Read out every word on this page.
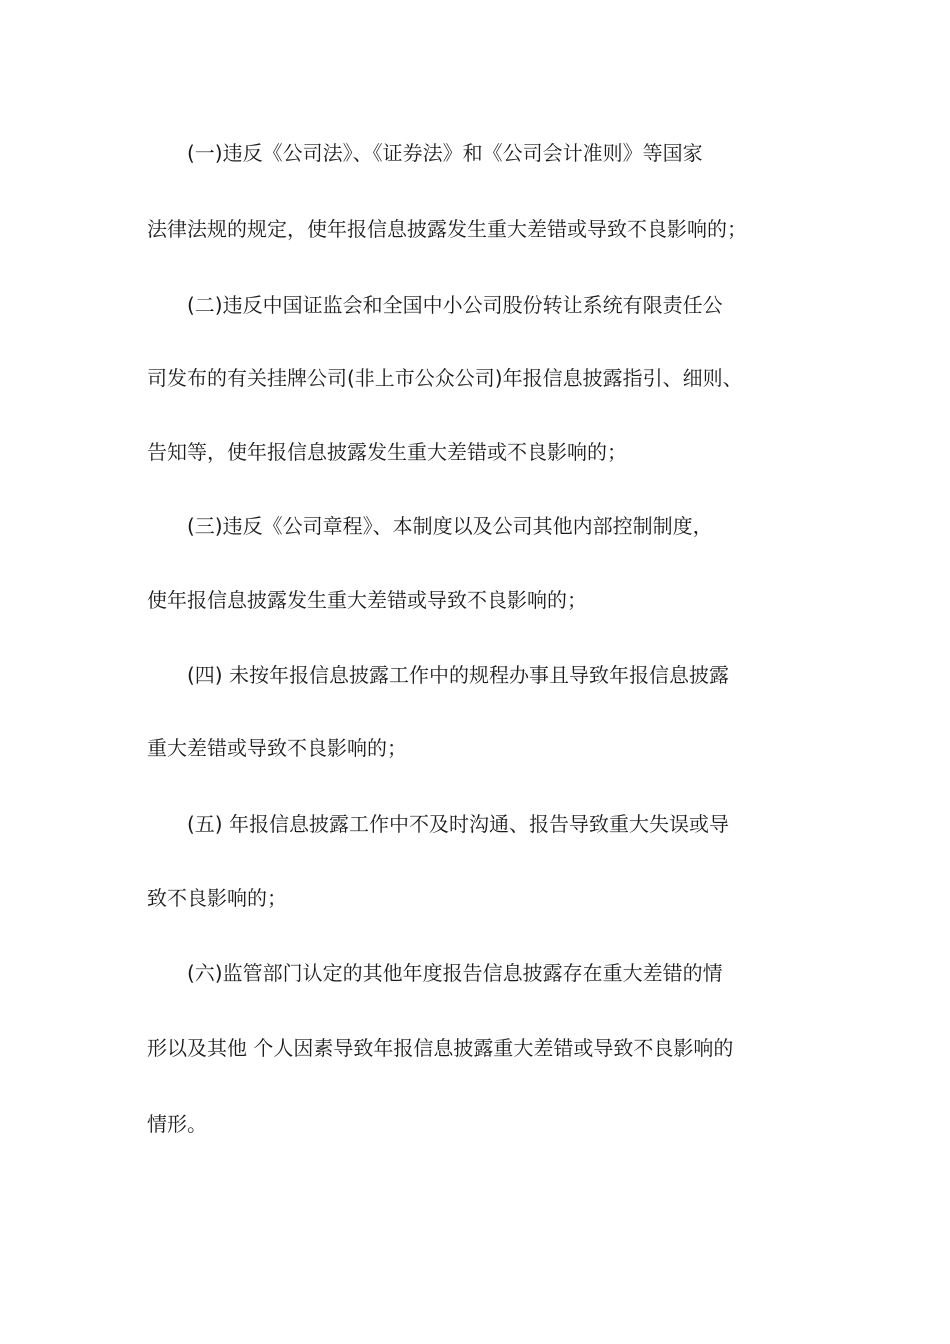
(一)违反《公司法》、《证券法》和《公司会计准则》等国家
法律法规的规定，使年报信息披露发生重大差错或导致不良影响的；
(二)违反中国证监会和全国中小公司股份转让系统有限责任公
司发布的有关挂牌公司(非上市公众公司)年报信息披露指引、细则、
告知等，使年报信息披露发生重大差错或不良影响的；
(三)违反《公司章程》、本制度以及公司其他内部控制制度，
使年报信息披露发生重大差错或导致不良影响的；
(四) 未按年报信息披露工作中的规程办事且导致年报信息披露
重大差错或导致不良影响的；
(五) 年报信息披露工作中不及时沟通、报告导致重大失误或导
致不良影响的；
(六)监管部门认定的其他年度报告信息披露存在重大差错的情
形以及其他 个人因素导致年报信息披露重大差错或导致不良影响的
情形。
